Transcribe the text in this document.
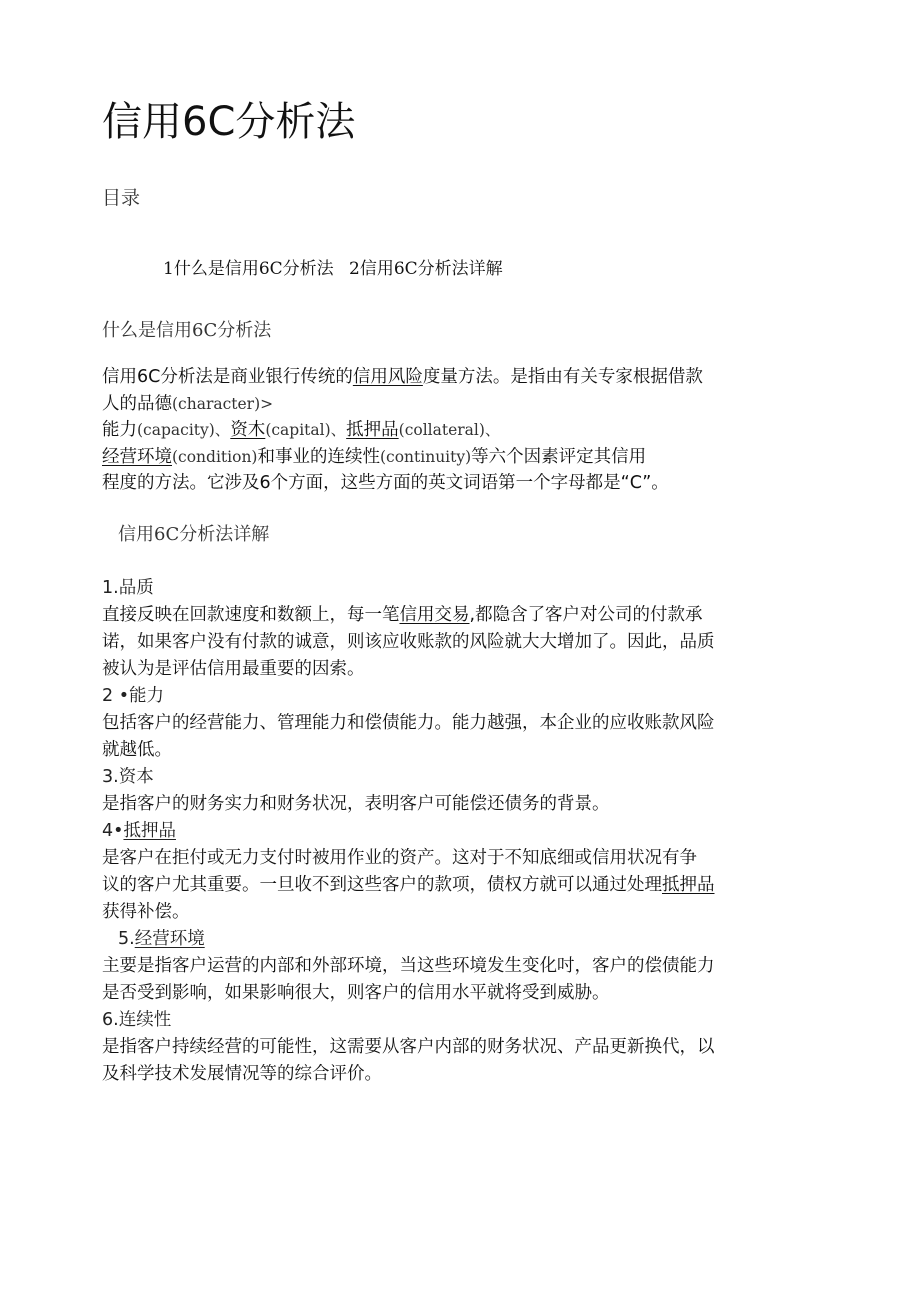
信用6C分析法
目录
1什么是信用6C分析法 2信用6C分析法详解
什么是信用6C分析法
信用6C分析法是商业银行传统的信用风险度量方法。是指由有关专家根据借款
人的品德(character)>
能力(capacity)、资木(capital)、抵押品(collateral)、
经营环境(condition)和事业的连续性(continuity)等六个因素评定其信用
程度的方法。它涉及6个方面，这些方面的英文词语第一个字母都是“C”。
信用6C分析法详解
1.品质
直接反映在回款速度和数额上，每一笔信用交易,都隐含了客户对公司的付款承
诺，如果客户没有付款的诚意，则该应收账款的风险就大大增加了。因此，品质
被认为是评估信用最重要的因索。
2 •能力
包括客户的经营能力、管理能力和偿债能力。能力越强，本企业的应收账款风险
就越低。
3.资本
是指客户的财务实力和财务状况，表明客户可能偿还债务的背景。
4•抵押品
是客户在拒付或无力支付时被用作业的资产。这对于不知底细或信用状况有争
议的客户尤其重要。一旦收不到这些客户的款项，债权方就可以通过处理抵押品
获得补偿。
5.经营环境
主要是指客户运营的内部和外部环境，当这些环境发生变化吋，客户的偿债能力
是否受到影响，如果影响很大，则客户的信用水平就将受到威胁。
6.连续性
是指客户持续经营的可能性，这需要从客户内部的财务状况、产品更新换代，以
及科学技术发展情况等的综合评价。
